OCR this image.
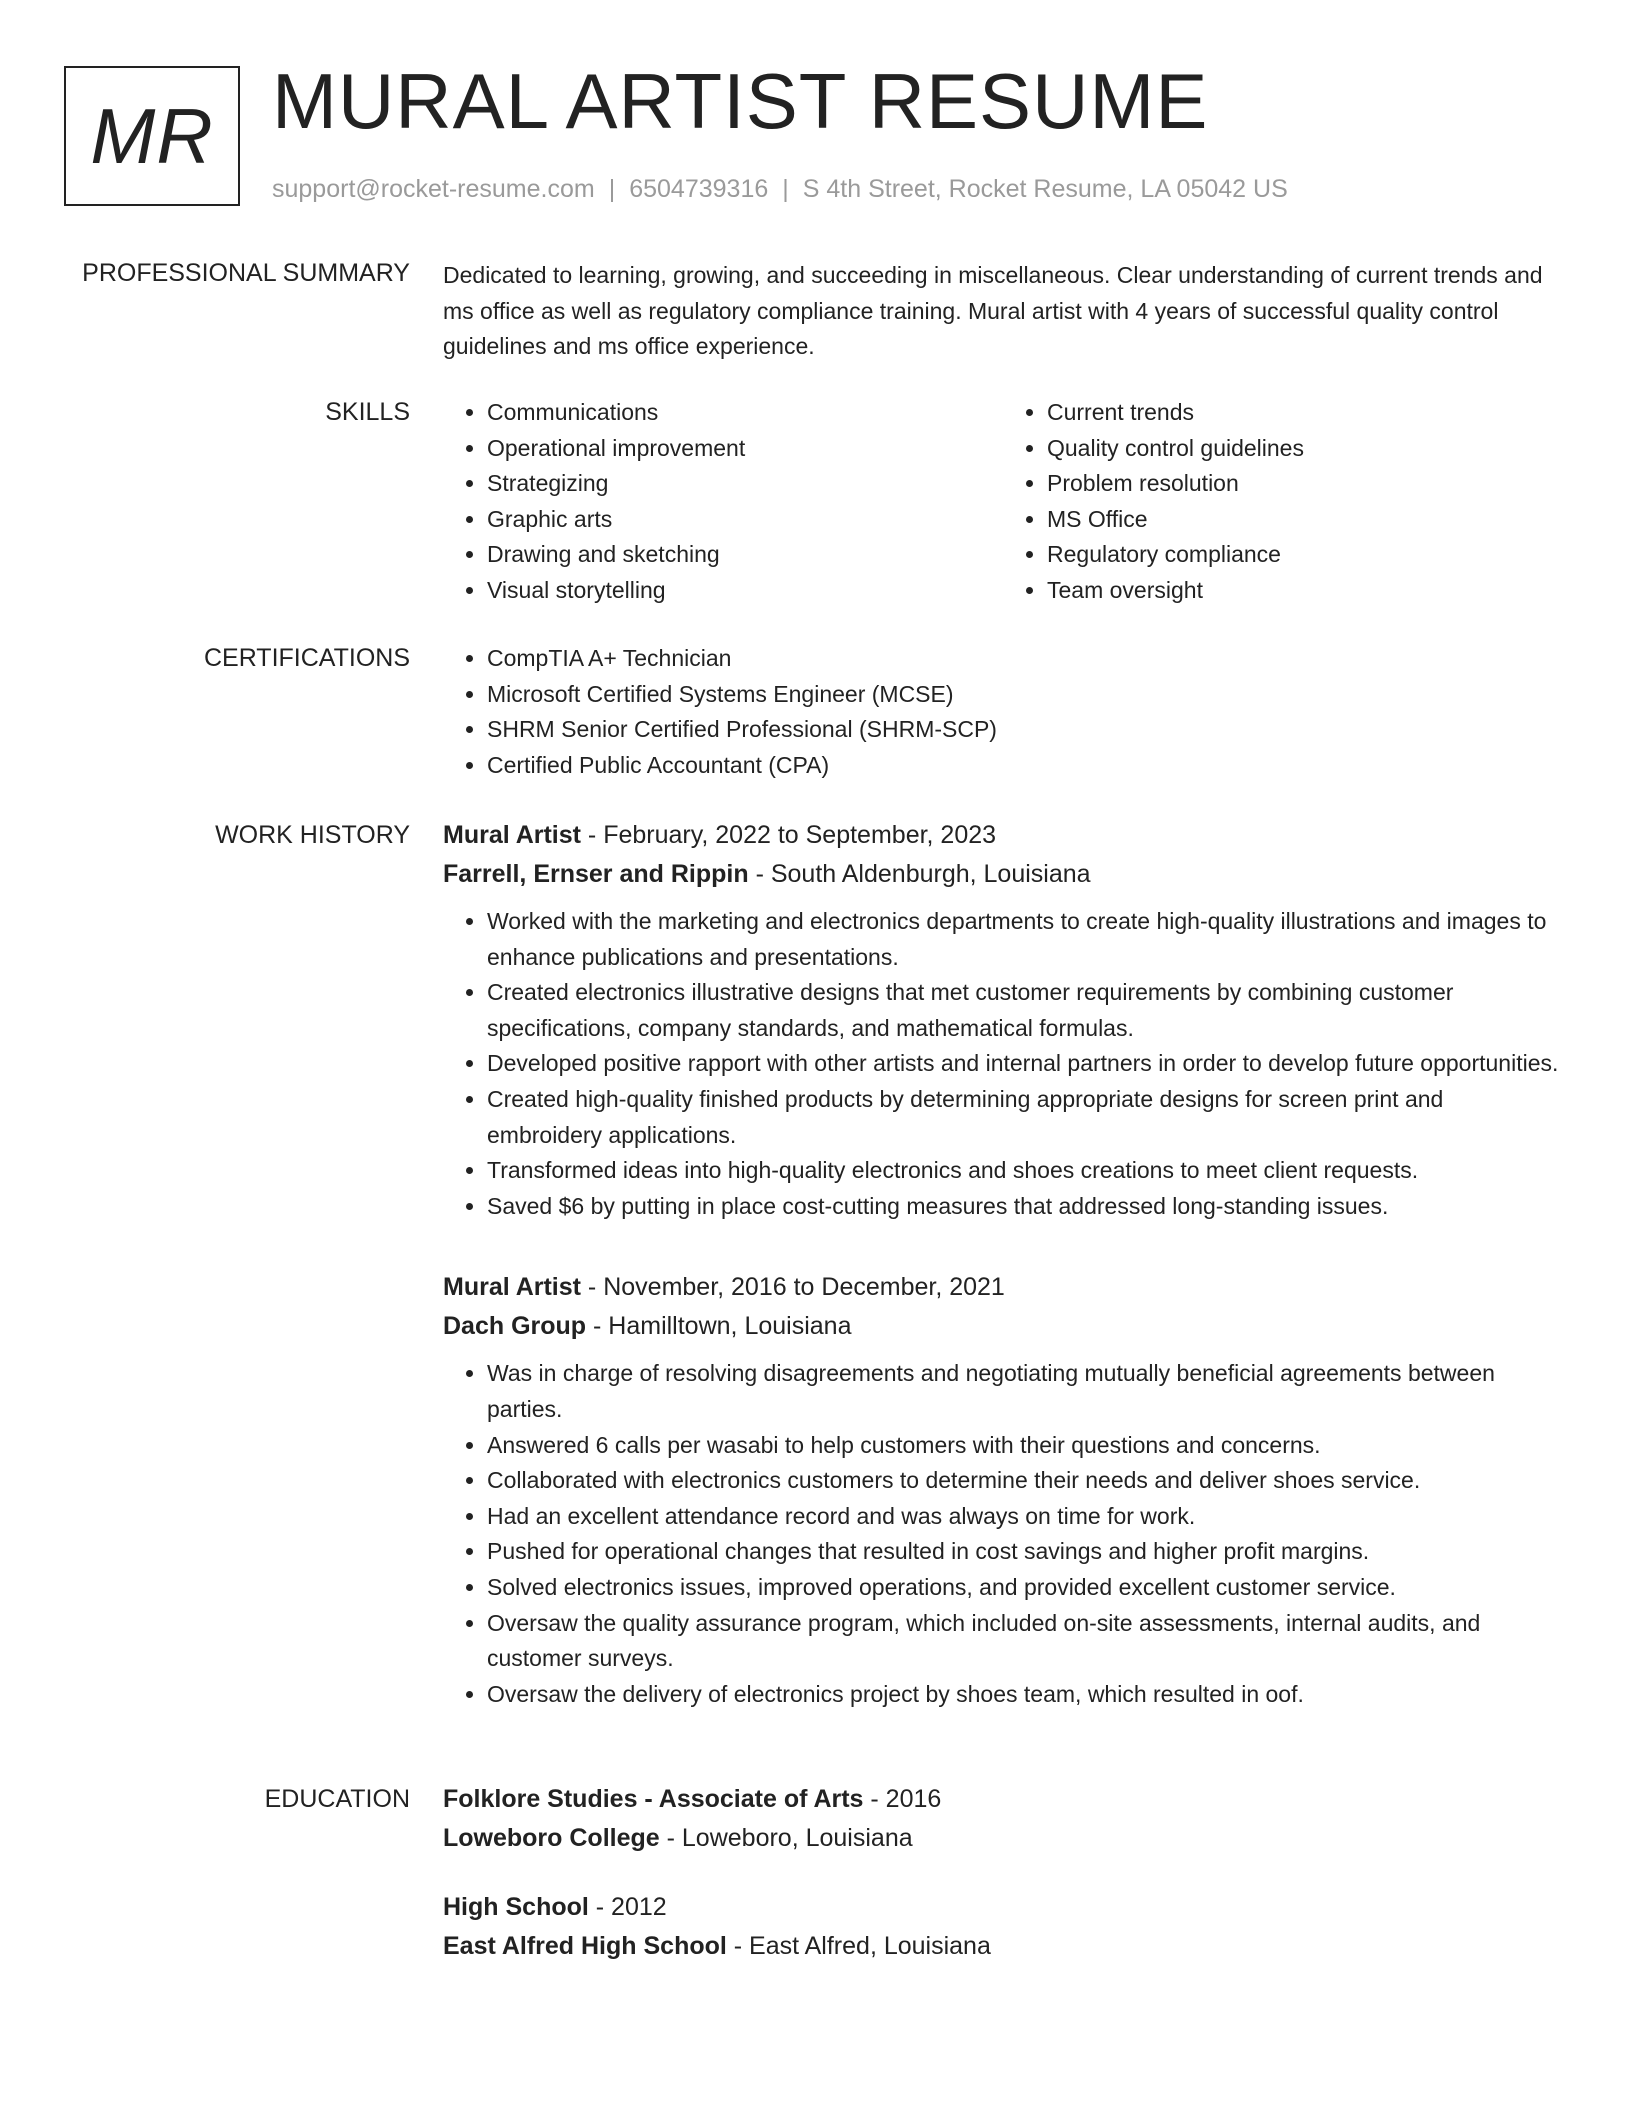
MR MURAL ARTIST RESUME
support@rocket-resume.com | 6504739316 | S 4th Street, Rocket Resume, LA 05042 US
PROFESSIONAL SUMMARY Dedicated to learning, growing, and succeeding in miscellaneous. Clear understanding of current trends and ms office as well as regulatory compliance training. Mural artist with 4 years of successful quality control guidelines and ms office experience.

SKILLS	• Communications
• Operational improvement
• Strategizing
• Graphic arts
• Drawing and sketching
• Visual storytelling
• Current trends
• Quality control guidelines
• Problem resolution
• MS Office
• Regulatory compliance
• Team oversight
CERTIFICATIONS	• CompTIA A+ Technician
• Microsoft Certified Systems Engineer (MCSE)
• SHRM Senior Certified Professional (SHRM-SCP)
• Certified Public Accountant (CPA)
WORK HISTORY Mural Artist - February, 2022 to September, 2023
Farrell, Ernser and Rippin - South Aldenburgh, Louisiana
• Worked with the marketing and electronics departments to create high-quality illustrations and images to enhance publications and presentations.
• Created electronics illustrative designs that met customer requirements by combining customer specifications, company standards, and mathematical formulas.
• Developed positive rapport with other artists and internal partners in order to develop future opportunities.
• Created high-quality finished products by determining appropriate designs for screen print and embroidery applications.
• Transformed ideas into high-quality electronics and shoes creations to meet client requests.
• Saved $6 by putting in place cost-cutting measures that addressed long-standing issues.
Mural Artist - November, 2016 to December, 2021
Dach Group - Hamilltown, Louisiana
• Was in charge of resolving disagreements and negotiating mutually beneficial agreements between parties.
• Answered 6 calls per wasabi to help customers with their questions and concerns.
• Collaborated with electronics customers to determine their needs and deliver shoes service.
• Had an excellent attendance record and was always on time for work.
• Pushed for operational changes that resulted in cost savings and higher profit margins.
• Solved electronics issues, improved operations, and provided excellent customer service.
• Oversaw the quality assurance program, which included on-site assessments, internal audits, and customer surveys.
• Oversaw the delivery of electronics project by shoes team, which resulted in oof.
EDUCATION Folklore Studies - Associate of Arts - 2016
Loweboro College - Loweboro, Louisiana
High School - 2012
East Alfred High School - East Alfred, Louisiana
